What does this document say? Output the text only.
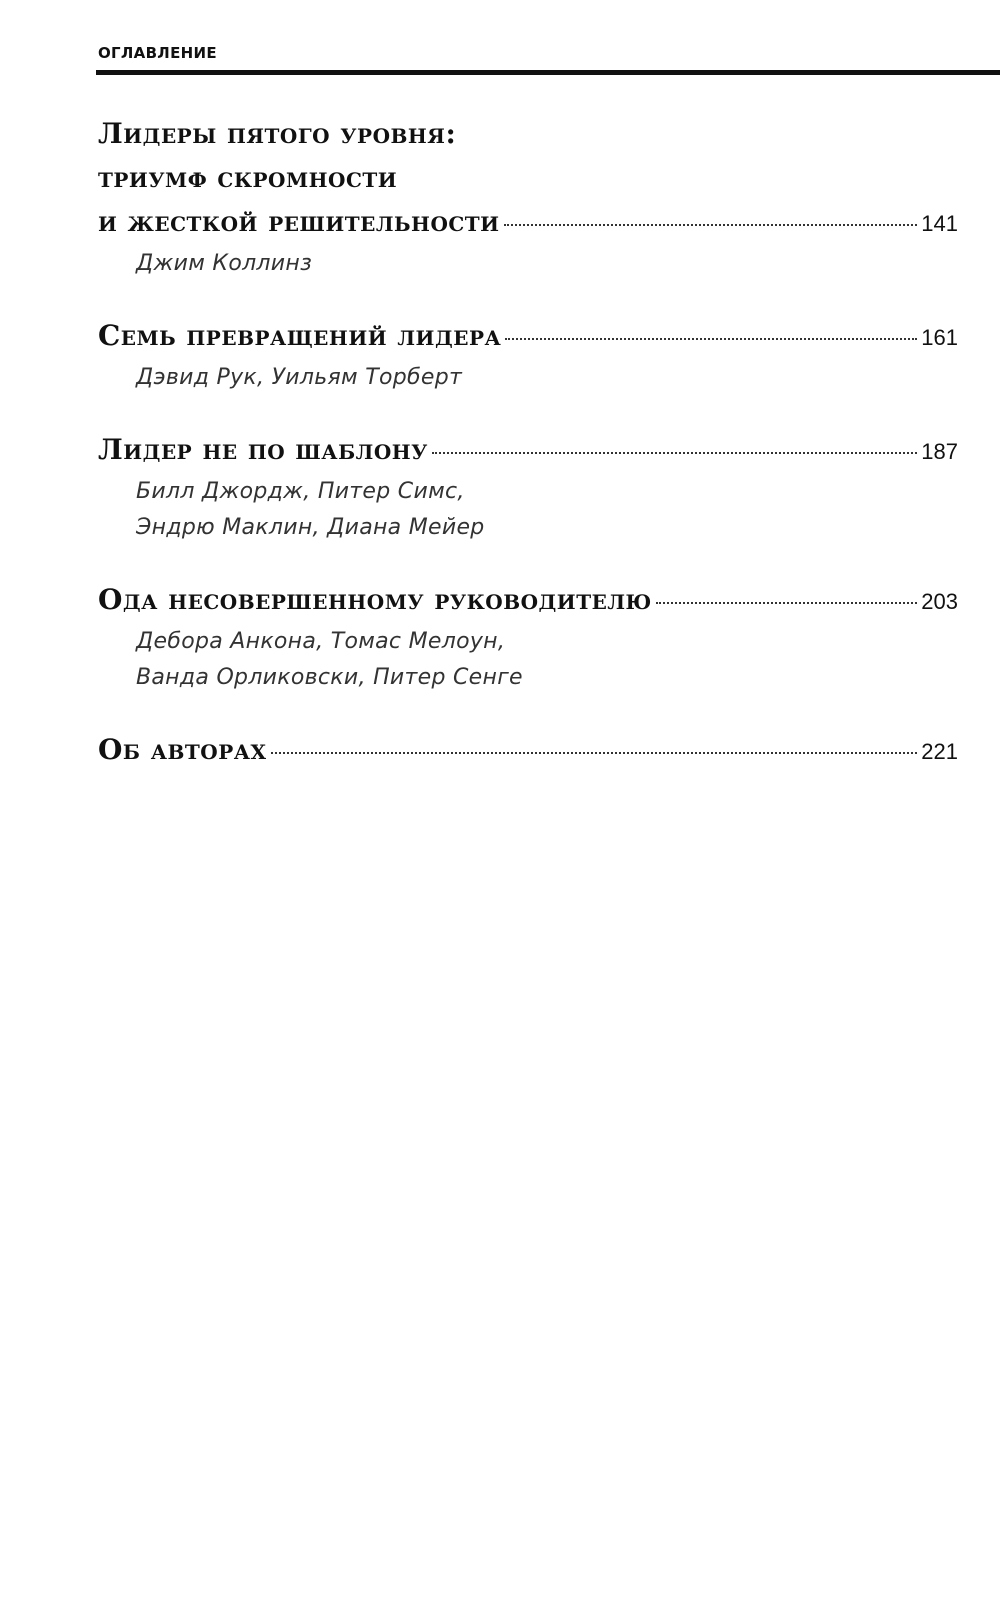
ОГЛАВЛЕНИЕ
Лидеры пятого уровня:
триумф скромности
и жесткой решительности	141
Джим Коллинз
Семь превращений лидера	161
Дэвид Рук, Уильям Торберт
Лидер не по шаблону	187
Билл Джордж, Питер Симс,
Эндрю Маклин, Диана Мейер
Ода несовершенному руководителю	203
Дебора Анкона, Томас Мелоун,
Ванда Орликовски, Питер Сенге
Об авторах	221
